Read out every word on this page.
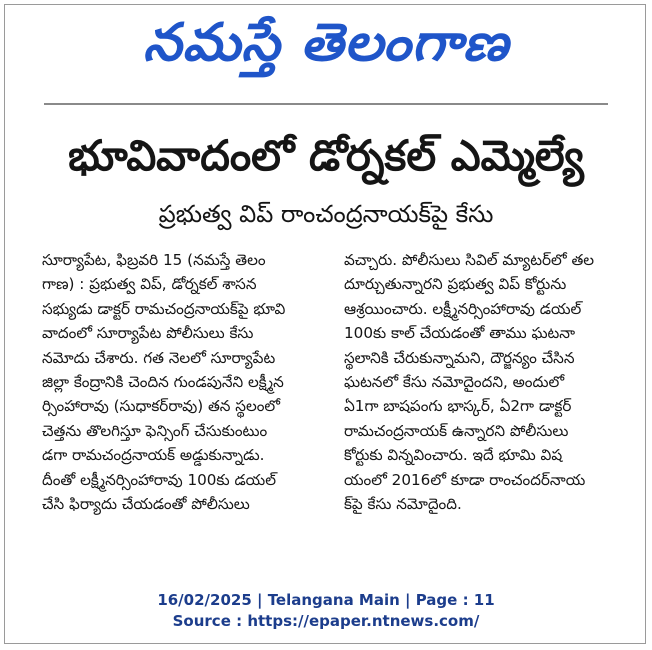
నమస్తే తెలంగాణ
భూవివాదంలో డోర్నకల్ ఎమ్మెల్యే
ప్రభుత్వ విప్ రాంచంద్రనాయక్‌పై కేసు
సూర్యాపేట, ఫిబ్రవరి 15 (నమస్తే తెలం
గాణ) : ప్రభుత్వ విప్, డోర్నకల్ శాసన
సభ్యుడు డాక్టర్ రామచంద్రనాయక్‌పై భూవి
వాదంలో సూర్యాపేట పోలీసులు కేసు
నమోదు చేశారు. గత నెలలో సూర్యాపేట
జిల్లా కేంద్రానికి చెందిన గుండపునేని లక్ష్మీన
ర్సింహారావు (సుధాకర్‌రావు) తన స్థలంలో
చెత్తను తొలగిస్తూ ఫెన్సింగ్ చేసుకుంటుం
డగా రామచంద్రనాయక్ అడ్డుకున్నాడు.
దీంతో లక్ష్మీనర్సింహారావు 100కు డయల్
చేసి ఫిర్యాదు చేయడంతో పోలీసులు
వచ్చారు. పోలీసులు సివిల్ మ్యాటర్‌లో తల
దూర్చుతున్నారని ప్రభుత్వ విప్ కోర్టును
ఆశ్రయించారు. లక్ష్మీనర్సింహారావు డయల్
100కు కాల్ చేయడంతో తాము ఘటనా
స్థలానికి చేరుకున్నామని, దౌర్జన్యం చేసిన
ఘటనలో కేసు నమోదైందని, అందులో
ఏ1గా బాషపంగు భాస్కర్, ఏ2గా డాక్టర్
రామచంద్రనాయక్ ఉన్నారని పోలీసులు
కోర్టుకు విన్నవించారు. ఇదే భూమి విష
యంలో 2016లో కూడా రాంచందర్‌నాయ
క్‌పై కేసు నమోదైంది.
16/02/2025 | Telangana Main | Page : 11
Source : https://epaper.ntnews.com/
